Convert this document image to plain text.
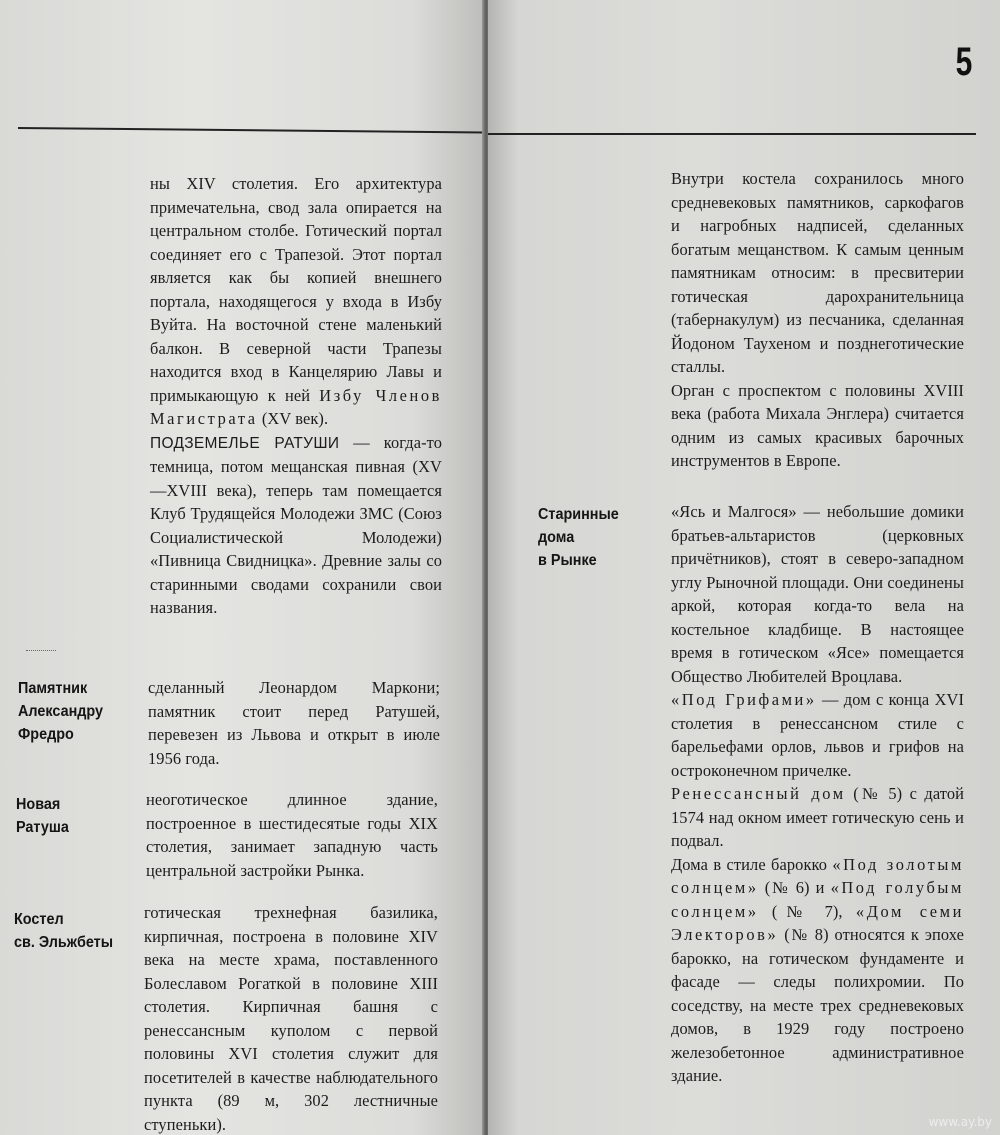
ны XIV столетия. Его архитектура примечательна, свод зала опирается на центральном столбе. Готический портал соединяет его с Трапезой. Этот портал является как бы копией внешнего портала, находящегося у входа в Избу Вуйта. На восточной стене маленький балкон. В северной части Трапезы находится вход в Канцелярию Лавы и примыкающую к ней Избу Членов Магистрата (XV век).

ПОДЗЕМЕЛЬЕ РАТУШИ — когда-то темница, потом мещанская пивная (XV—XVIII века), теперь там помещается Клуб Трудящейся Молодежи ЗМС (Союз Социалистической Молодежи) «Пивница Свидницка». Древние залы со старинными сводами сохранили свои названия.

Памятник
Александру
Фредро
сделанный Леонардом Маркони; памятник стоит перед Ратушей, перевезен из Львова и открыт в июле 1956 года.
Новая
Ратуша
неоготическое длинное здание, построенное в шестидесятые годы XIX столетия, занимает западную часть центральной застройки Рынка.
Костел
св. Эльжбеты
готическая трехнефная базилика, кирпичная, построена в половине XIV века на месте храма, поставленного Болеславом Рогаткой в половине XIII столетия. Кирпичная башня с ренессансным куполом с первой половины XVI столетия служит для посетителей в качестве наблюдательного пункта (89 м, 302 лестничные ступеньки).
5

Внутри костела сохранилось много средневековых памятников, саркофагов и нагробных надписей, сделанных богатым мещанством. К самым ценным памятникам относим: в пресвитерии готическая дарохранительница (табернакулум) из песчаника, сделанная Йодоном Таухеном и позднеготические сталлы.

Орган с проспектом с половины XVIII века (работа Михала Энглера) считается одним из самых красивых барочных инструментов в Европе.

Старинные
дома
в Рынке

«Ясь и Малгося» — небольшие домики братьев-альтаристов (церковных причётников), стоят в северо-западном углу Рыночной площади. Они соединены аркой, которая когда-то вела на костельное кладбище. В настоящее время в готическом «Ясе» помещается Общество Любителей Вроцлава.

«Под Грифами» — дом с конца XVI столетия в ренессансном стиле с барельефами орлов, львов и грифов на остроконечном причелке.

Ренессансный дом (№ 5) с датой 1574 над окном имеет готическую сень и подвал.

Дома в стиле барокко «Под золотым солнцем» (№ 6) и «Под голубым солнцем» (№ 7), «Дом семи Электоров» (№ 8) относятся к эпохе барокко, на готическом фундаменте и фасаде — следы полихромии. По соседству, на месте трех средневековых домов, в 1929 году построено железобетонное административное здание.

www.ay.by
